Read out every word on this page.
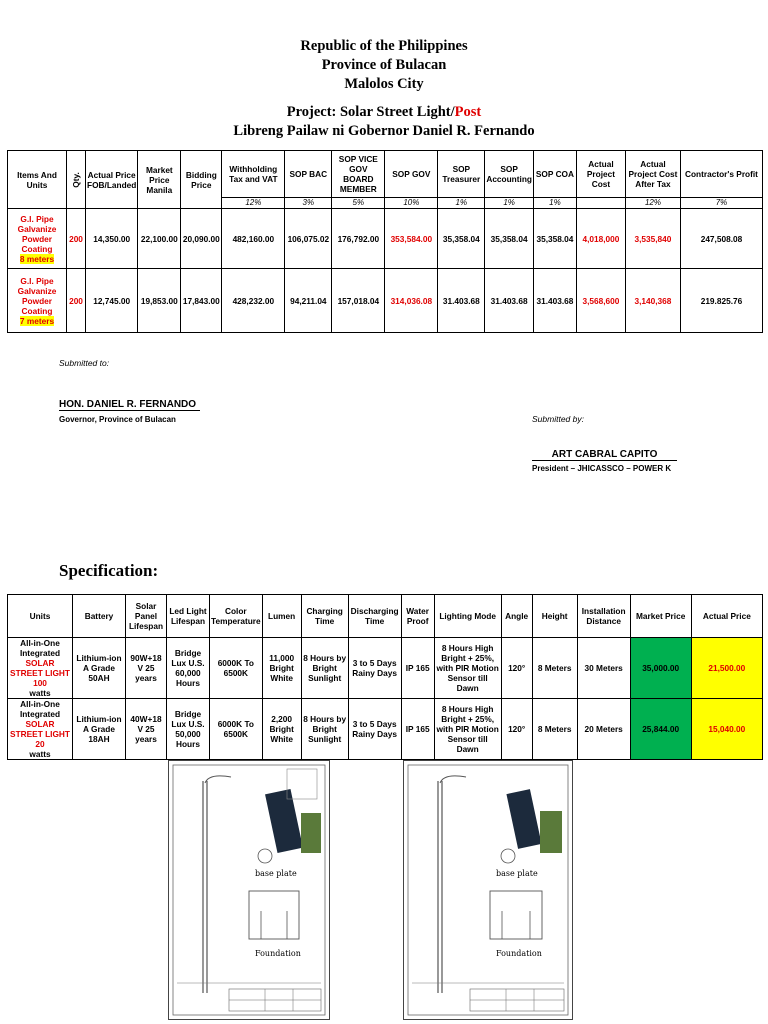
Republic of the Philippines
Province of Bulacan
Malolos City
Project: Solar Street Light/Post
Libreng Pailaw ni Gobernor Daniel R. Fernando
Items And Units	Qty.	Actual Price FOB/Landed	Market Price Manila	Bidding Price	Withholding Tax and VAT	SOP BAC	SOP VICE GOV BOARD MEMBER	SOP GOV	SOP Treasurer	SOP Accounting	SOP COA	Actual Project Cost	Actual Project Cost After Tax	Contractor's Profit
					12%	3%	5%	10%	1%	1%	1%		12%	7%

G.I. Pipe Galvanize Powder Coating
8 meters	200	14,350.00	22,100.00	20,090.00	482,160.00	106,075.02	176,792.00	353,584.00	35,358.04	35,358.04	35,358.04	4,018,000	3,535,840	247,508.08

G.I. Pipe Galvanize Powder Coating
7 meters	200	12,745.00	19,853.00	17,843.00	428,232.00	94,211.04	157,018.04	314,036.08	31.403.68	31.403.68	31.403.68	3,568,600	3,140,368	219.825.76
Submitted to:
HON. DANIEL R. FERNANDO
Governor, Province of Bulacan	Submitted by:
ART CABRAL CAPITO
President – JHICASSCO – POWER K
Specification:
Units	Battery	Solar Panel Lifespan	Led Light Lifespan	Color Temperature	Lumen	Charging Time	Discharging Time	Water Proof	Lighting Mode	Angle	Height	Installation Distance	Market Price	Actual Price

All-in-One Integrated
SOLAR STREET LIGHT 100
watts	Lithium-ion A Grade 50AH	90W+18 V 25 years	Bridge Lux U.S. 60,000 Hours	6000K To 6500K	11,000 Bright White	8 Hours by Bright Sunlight	3 to 5 Days Rainy Days	IP 165	8 Hours High Bright + 25%, with PIR Motion Sensor till Dawn	120°	8 Meters	30 Meters	35,000.00	21,500.00

All-in-One Integrated
SOLAR STREET LIGHT 20
watts	Lithium-ion A Grade 18AH	40W+18 V 25 years	Bridge Lux U.S. 50,000 Hours	6000K To 6500K	2,200 Bright White	8 Hours by Bright Sunlight	3 to 5 Days Rainy Days	IP 165	8 Hours High Bright + 25%, with PIR Motion Sensor till Dawn	120°	8 Meters	20 Meters	25,844.00	15,040.00
base plate
Foundation
base plate
Foundation
